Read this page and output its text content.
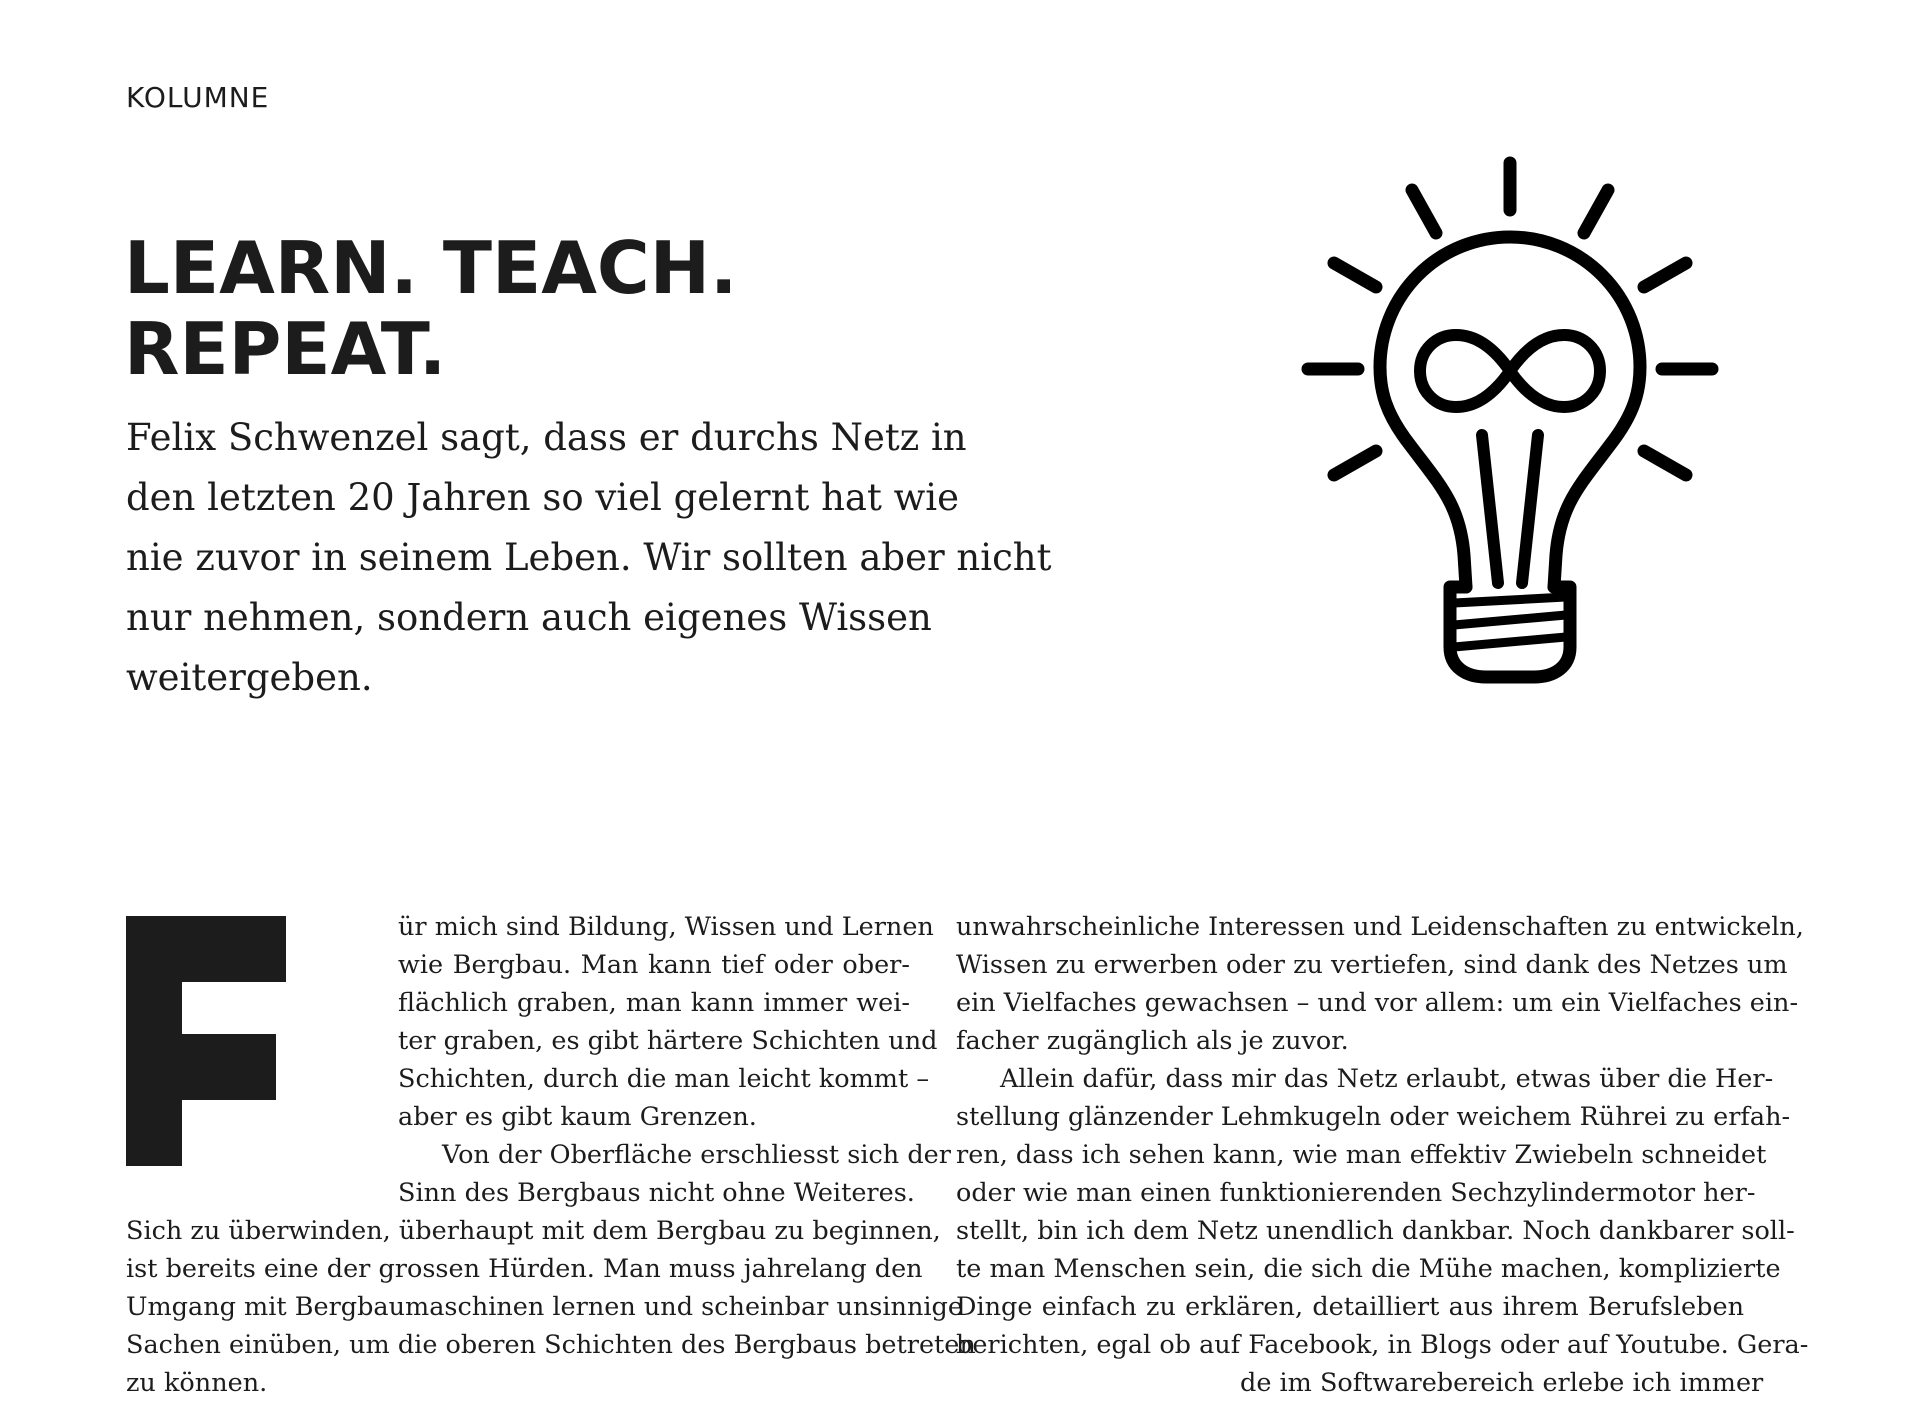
KOLUMNE
LEARN. TEACH.
REPEAT.

Felix Schwenzel sagt, dass er durchs Netz in
den letzten 20 Jahren so viel gelernt hat wie
nie zuvor in seinem Leben. Wir sollten aber nicht
nur nehmen, sondern auch eigenes Wissen
weitergeben.

ür mich sind Bildung, Wissen und Lernen
wie Bergbau. Man kann tief oder ober-
flächlich graben, man kann immer wei-
ter graben, es gibt härtere Schichten und
Schichten, durch die man leicht kommt –
aber es gibt kaum Grenzen.
Von der Oberfläche erschliesst sich der
Sinn des Bergbaus nicht ohne Weiteres.
Sich zu überwinden, überhaupt mit dem Bergbau zu beginnen,
ist bereits eine der grossen Hürden. Man muss jahrelang den
Umgang mit Bergbaumaschinen lernen und scheinbar unsinnige
Sachen einüben, um die oberen Schichten des Bergbaus betreten
zu können.
unwahrscheinliche Interessen und Leidenschaften zu entwickeln,
Wissen zu erwerben oder zu vertiefen, sind dank des Netzes um
ein Vielfaches gewachsen – und vor allem: um ein Vielfaches ein-
facher zugänglich als je zuvor.
Allein dafür, dass mir das Netz erlaubt, etwas über die Her-
stellung glänzender Lehmkugeln oder weichem Rührei zu erfah-
ren, dass ich sehen kann, wie man effektiv Zwiebeln schneidet
oder wie man einen funktionierenden Sechzylindermotor her-
stellt, bin ich dem Netz unendlich dankbar. Noch dankbarer soll-
te man Menschen sein, die sich die Mühe machen, komplizierte
Dinge einfach zu erklären, detailliert aus ihrem Berufsleben
berichten, egal ob auf Facebook, in Blogs oder auf Youtube. Gera-
de im Softwarebereich erlebe ich immer
